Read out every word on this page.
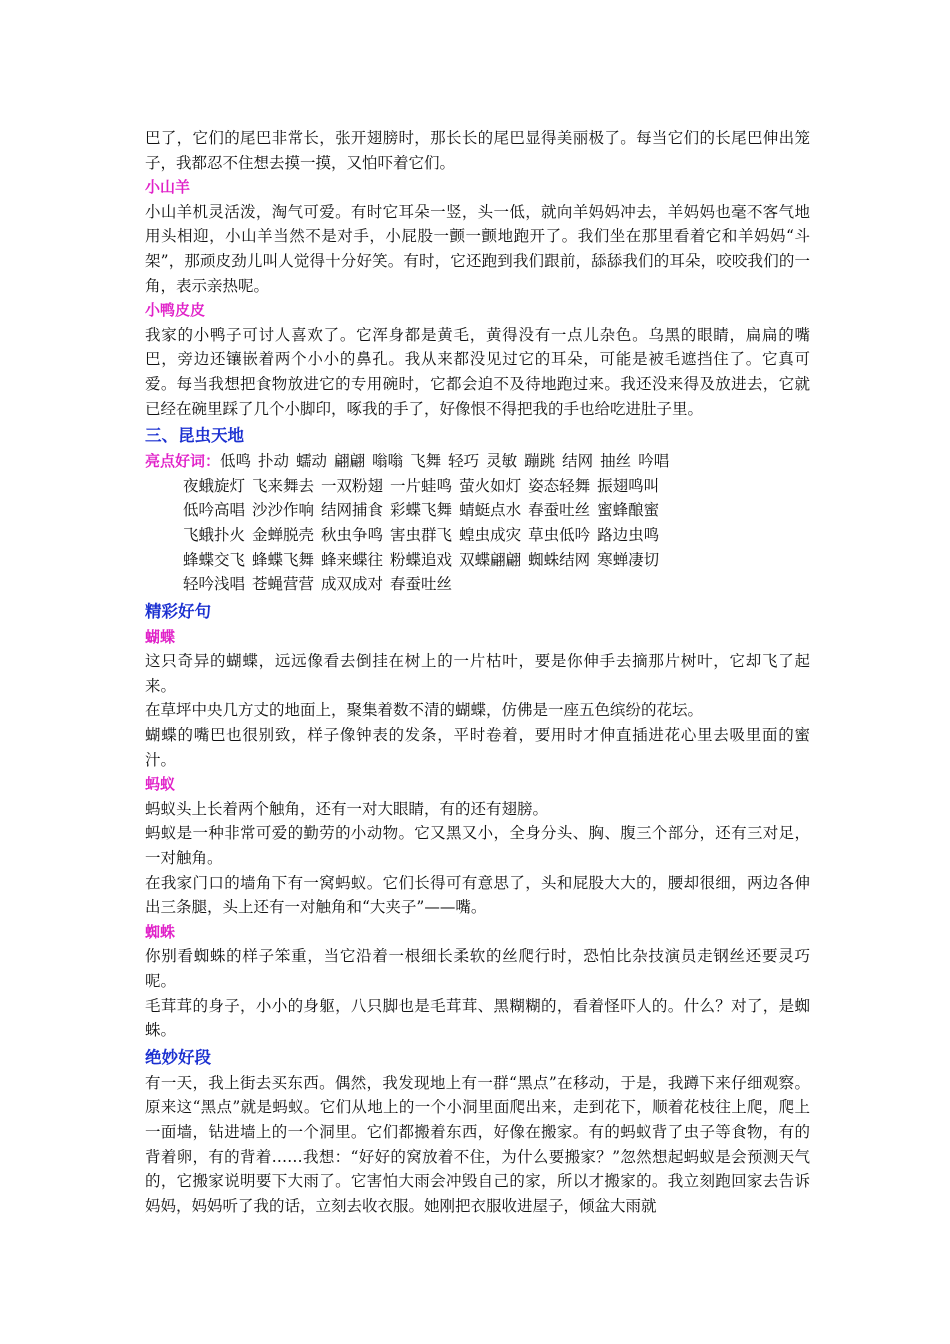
巴了，它们的尾巴非常长，张开翅膀时，那长长的尾巴显得美丽极了。每当它们的长尾巴伸出笼子，我都忍不住想去摸一摸，又怕吓着它们。

小山羊

小山羊机灵活泼，淘气可爱。有时它耳朵一竖，头一低，就向羊妈妈冲去，羊妈妈也毫不客气地用头相迎，小山羊当然不是对手，小屁股一颤一颤地跑开了。我们坐在那里看着它和羊妈妈“斗架”，那顽皮劲儿叫人觉得十分好笑。有时，它还跑到我们跟前，舔舔我们的耳朵，咬咬我们的一角，表示亲热呢。

小鸭皮皮

我家的小鸭子可讨人喜欢了。它浑身都是黄毛，黄得没有一点儿杂色。乌黑的眼睛，扁扁的嘴巴，旁边还镶嵌着两个小小的鼻孔。我从来都没见过它的耳朵，可能是被毛遮挡住了。它真可爱。每当我想把食物放进它的专用碗时，它都会迫不及待地跑过来。我还没来得及放进去，它就已经在碗里踩了几个小脚印，啄我的手了，好像恨不得把我的手也给吃进肚子里。

三、昆虫天地
亮点好词：低鸣 扑动 蠕动 翩翩 嗡嗡 飞舞 轻巧 灵敏 蹦跳 结网 抽丝 吟唱
夜蛾旋灯 飞来舞去 一双粉翅 一片蛙鸣 萤火如灯 姿态轻舞 振翅鸣叫
低吟高唱 沙沙作响 结网捕食 彩蝶飞舞 蜻蜓点水 春蚕吐丝 蜜蜂酿蜜
飞蛾扑火 金蝉脱壳 秋虫争鸣 害虫群飞 蝗虫成灾 草虫低吟 路边虫鸣
蜂蝶交飞 蜂蝶飞舞 蜂来蝶往 粉蝶追戏 双蝶翩翩 蜘蛛结网 寒蝉凄切
轻吟浅唱 苍蝇营营 成双成对 春蚕吐丝
精彩好句
蝴蝶

这只奇异的蝴蝶，远远像看去倒挂在树上的一片枯叶，要是你伸手去摘那片树叶，它却飞了起来。

在草坪中央几方丈的地面上，聚集着数不清的蝴蝶，仿佛是一座五色缤纷的花坛。

蝴蝶的嘴巴也很别致，样子像钟表的发条，平时卷着，要用时才伸直插进花心里去吸里面的蜜汁。

蚂蚁

蚂蚁头上长着两个触角，还有一对大眼睛，有的还有翅膀。

蚂蚁是一种非常可爱的勤劳的小动物。它又黑又小，全身分头、胸、腹三个部分，还有三对足，一对触角。

在我家门口的墙角下有一窝蚂蚁。它们长得可有意思了，头和屁股大大的，腰却很细，两边各伸出三条腿，头上还有一对触角和“大夹子”——嘴。

蜘蛛

你别看蜘蛛的样子笨重，当它沿着一根细长柔软的丝爬行时，恐怕比杂技演员走钢丝还要灵巧呢。

毛茸茸的身子，小小的身躯，八只脚也是毛茸茸、黑糊糊的，看着怪吓人的。什么？对了，是蜘蛛。

绝妙好段

有一天，我上街去买东西。偶然，我发现地上有一群“黑点”在移动，于是，我蹲下来仔细观察。原来这“黑点”就是蚂蚁。它们从地上的一个小洞里面爬出来，走到花下，顺着花枝往上爬，爬上一面墙，钻进墙上的一个洞里。它们都搬着东西，好像在搬家。有的蚂蚁背了虫子等食物，有的背着卵，有的背着……我想：“好好的窝放着不住，为什么要搬家？”忽然想起蚂蚁是会预测天气的，它搬家说明要下大雨了。它害怕大雨会冲毁自己的家，所以才搬家的。我立刻跑回家去告诉妈妈，妈妈听了我的话，立刻去收衣服。她刚把衣服收进屋子，倾盆大雨就
